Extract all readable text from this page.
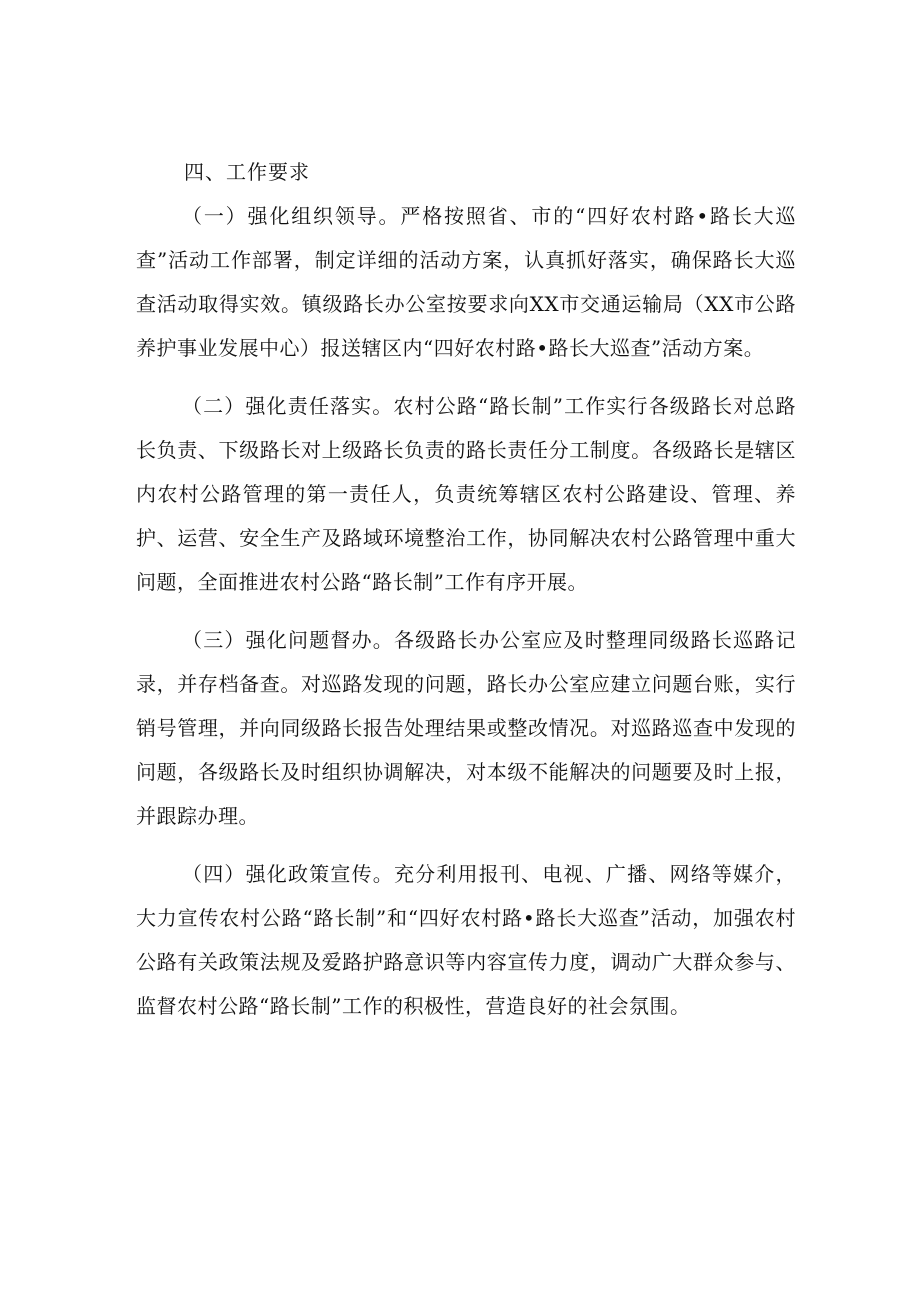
四、工作要求

（一）强化组织领导。严格按照省、市的“四好农村路•路长大巡查”活动工作部署，制定详细的活动方案，认真抓好落实，确保路长大巡查活动取得实效。镇级路长办公室按要求向XX市交通运输局（XX市公路养护事业发展中心）报送辖区内“四好农村路•路长大巡查”活动方案。

（二）强化责任落实。农村公路“路长制”工作实行各级路长对总路长负责、下级路长对上级路长负责的路长责任分工制度。各级路长是辖区内农村公路管理的第一责任人，负责统筹辖区农村公路建设、管理、养护、运营、安全生产及路域环境整治工作，协同解决农村公路管理中重大问题，全面推进农村公路“路长制”工作有序开展。

（三）强化问题督办。各级路长办公室应及时整理同级路长巡路记录，并存档备查。对巡路发现的问题，路长办公室应建立问题台账，实行销号管理，并向同级路长报告处理结果或整改情况。对巡路巡查中发现的问题，各级路长及时组织协调解决，对本级不能解决的问题要及时上报，并跟踪办理。

（四）强化政策宣传。充分利用报刊、电视、广播、网络等媒介，大力宣传农村公路“路长制”和“四好农村路•路长大巡查”活动，加强农村公路有关政策法规及爱路护路意识等内容宣传力度，调动广大群众参与、监督农村公路“路长制”工作的积极性，营造良好的社会氛围。
